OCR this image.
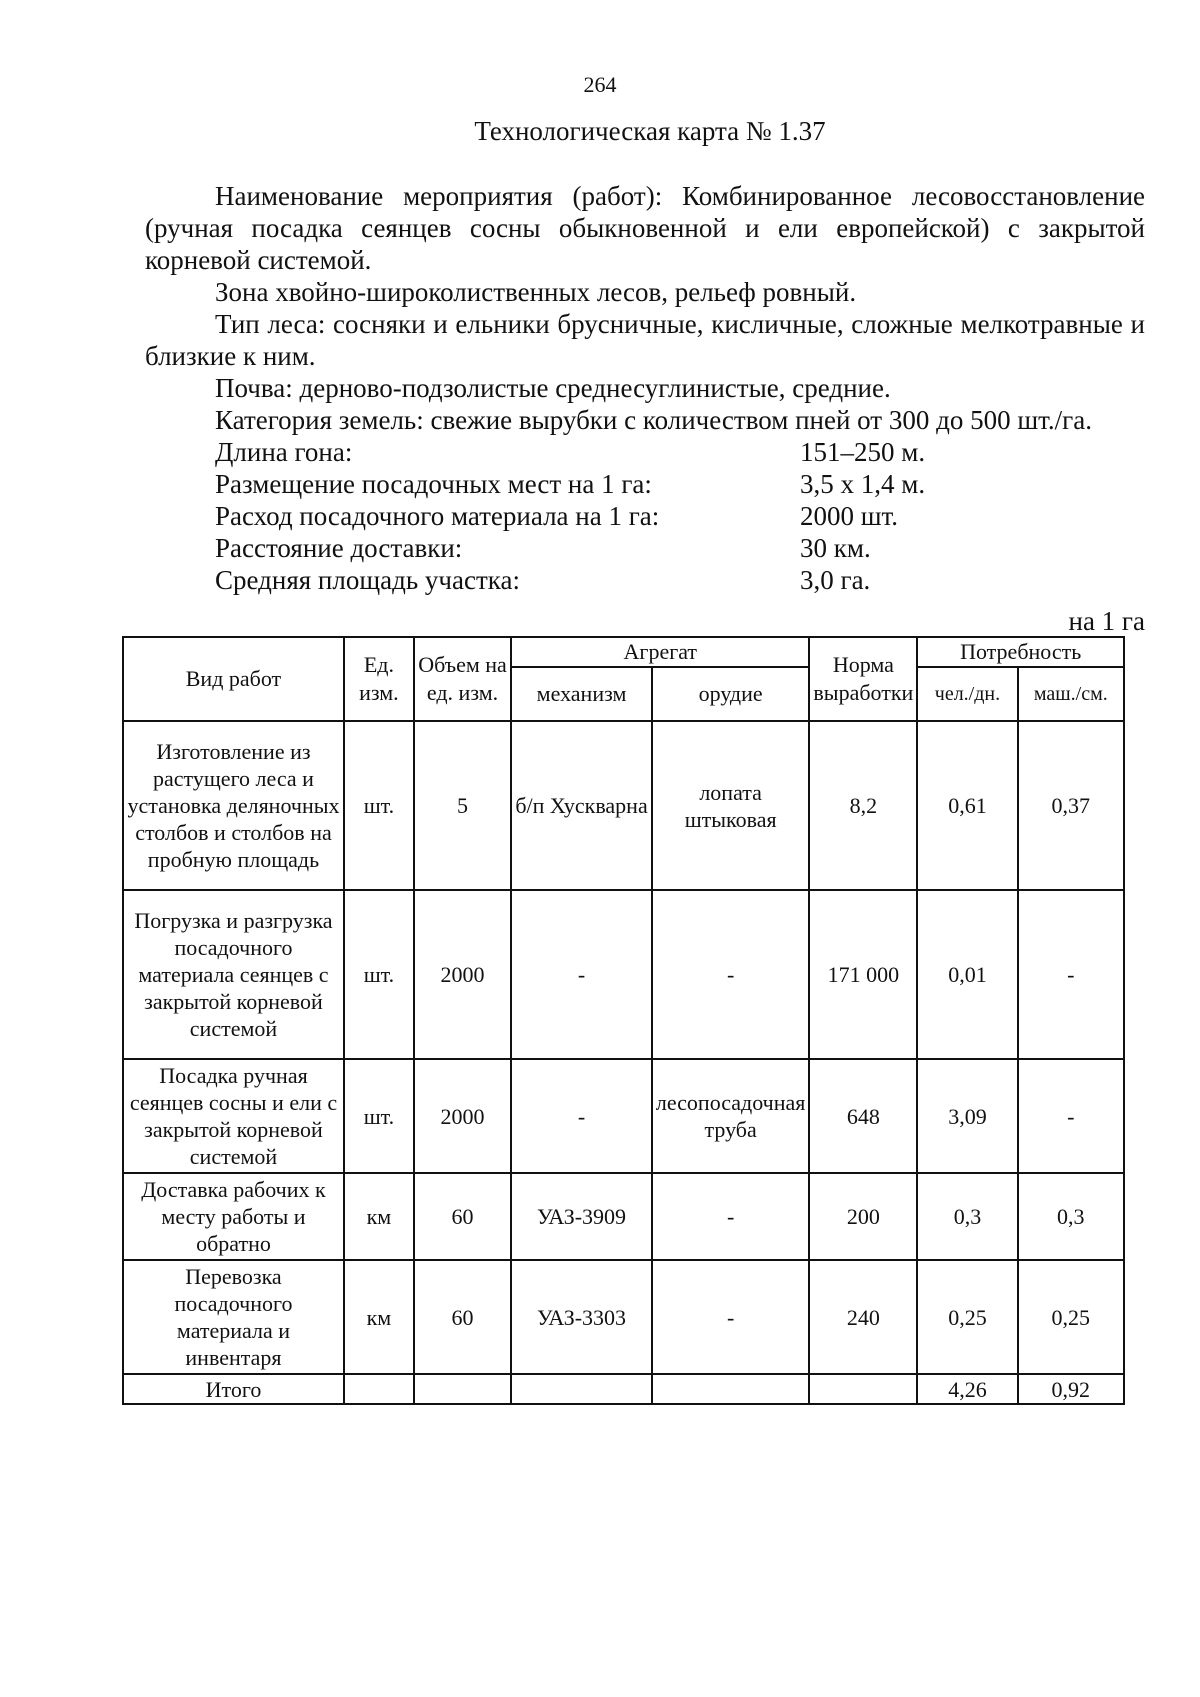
264
Технологическая карта № 1.37

Наименование мероприятия (работ): Комбинированное лесовосстановление (ручная посадка сеянцев сосны обыкновенной и ели европейской) с закрытой корневой системой.

Зона хвойно-широколиственных лесов, рельеф ровный.

Тип леса: сосняки и ельники брусничные, кисличные, сложные мелкотравные и близкие к ним.

Почва: дерново-подзолистые среднесуглинистые, средние.

Категория земель: свежие вырубки с количеством пней от 300 до 500 шт./га.

Длина гона:	151–250 м.
Размещение посадочных мест на 1 га:	3,5 х 1,4 м.
Расход посадочного материала на 1 га:	2000 шт.
Расстояние доставки:	30 км.
Средняя площадь участка:	3,0 га.
на 1 га
Вид работ	Ед. изм.	Объем на ед. изм.	Агрегат		Норма выработки	Потребность	
			механизм	орудие		чел./дн.	маш./см.
Изготовление из растущего леса и установка деляночных столбов и столбов на пробную площадь	шт.	5	б/п Хускварна	лопата штыковая	8,2	0,61	0,37
Погрузка и разгрузка посадочного материала сеянцев с закрытой корневой системой	шт.	2000	-	-	171 000	0,01	-
Посадка ручная сеянцев сосны и ели с закрытой корневой системой	шт.	2000	-	лесопосадочная труба	648	3,09	-
Доставка рабочих к месту работы и обратно	км	60	УАЗ-3909	-	200	0,3	0,3
Перевозка посадочного материала и инвентаря	км	60	УАЗ-3303	-	240	0,25	0,25
Итого						4,26	0,92
